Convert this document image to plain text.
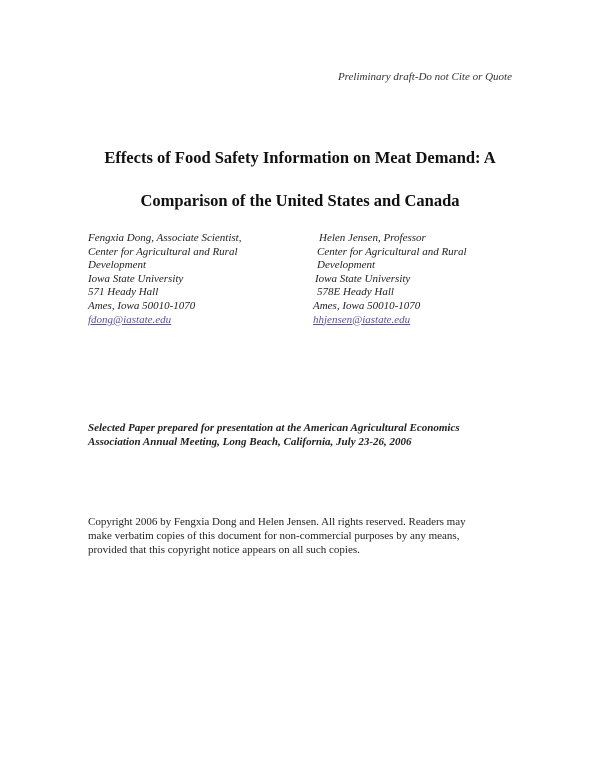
Preliminary draft-Do not Cite or Quote
Effects of Food Safety Information on Meat Demand: A
Comparison of the United States and Canada
Fengxia Dong, Associate Scientist,
Center for Agricultural and Rural
Development
Iowa State University
571 Heady Hall
Ames, Iowa 50010-1070
fdong@iastate.edu
Helen Jensen, Professor
Center for Agricultural and Rural
Development
Iowa State University
578E Heady Hall
Ames, Iowa 50010-1070
hhjensen@iastate.edu
Selected Paper prepared for presentation at the American Agricultural Economics
Association Annual Meeting, Long Beach, California, July 23-26, 2006
Copyright 2006 by Fengxia Dong and Helen Jensen. All rights reserved. Readers may
make verbatim copies of this document for non-commercial purposes by any means,
provided that this copyright notice appears on all such copies.
